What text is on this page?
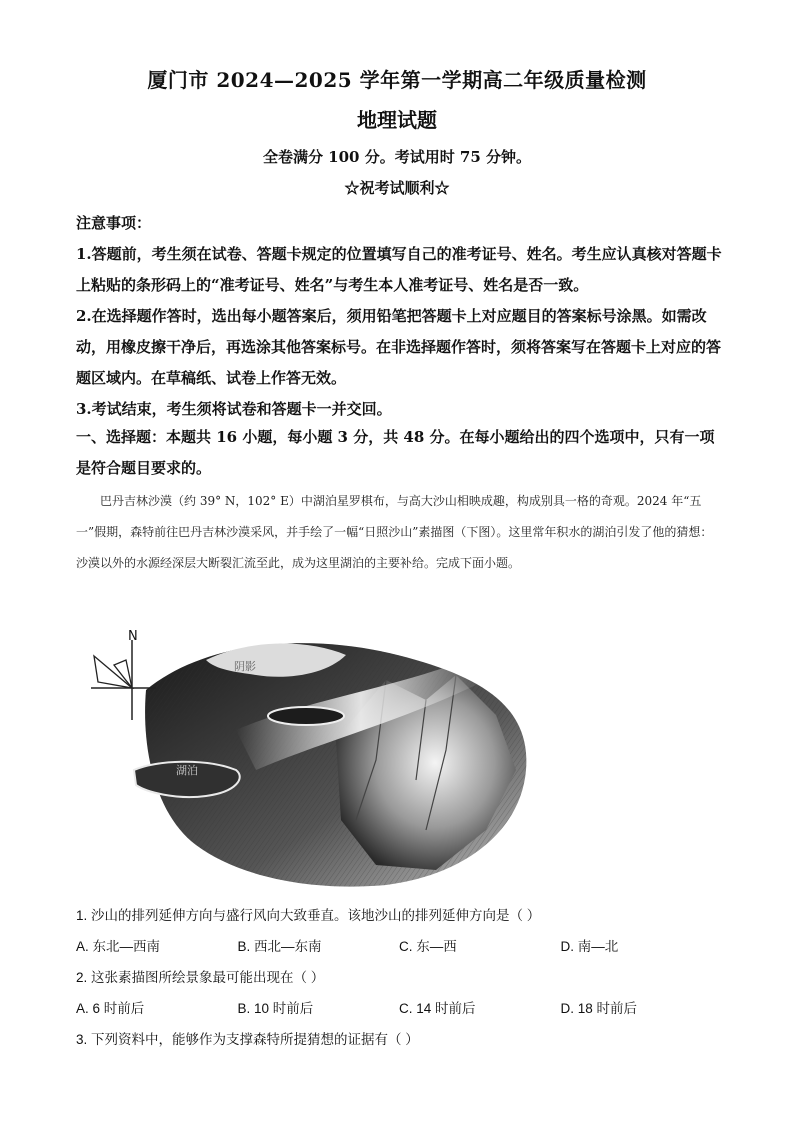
厦门市 2024—2025 学年第一学期高二年级质量检测
地理试题
全卷满分 100 分。考试用时 75 分钟。
☆祝考试顺利☆

注意事项：

1.答题前，考生须在试卷、答题卡规定的位置填写自己的准考证号、姓名。考生应认真核对答题卡上粘贴的条形码上的“准考证号、姓名”与考生本人准考证号、姓名是否一致。

2.在选择题作答时，选出每小题答案后，须用铅笔把答题卡上对应题目的答案标号涂黑。如需改动，用橡皮擦干净后，再选涂其他答案标号。在非选择题作答时，须将答案写在答题卡上对应的答题区域内。在草稿纸、试卷上作答无效。

3.考试结束，考生须将试卷和答题卡一并交回。

一、选择题：本题共 16 小题，每小题 3 分，共 48 分。在每小题给出的四个选项中，只有一项是符合题目要求的。

巴丹吉林沙漠（约 39° N，102° E）中湖泊星罗棋布，与高大沙山相映成趣，构成别具一格的奇观。2024 年“五一”假期，森特前往巴丹吉林沙漠采风，并手绘了一幅“日照沙山”素描图（下图）。这里常年积水的湖泊引发了他的猜想：沙漠以外的水源经深层大断裂汇流至此，成为这里湖泊的主要补给。完成下面小题。

N
阴影
湖泊
1. 沙山的排列延伸方向与盛行风向大致垂直。该地沙山的排列延伸方向是（ ）
A. 东北—西南	B. 西北—东南	C. 东—西	D. 南—北
2. 这张素描图所绘景象最可能出现在（ ）
A. 6 时前后	B. 10 时前后	C. 14 时前后	D. 18 时前后
3. 下列资料中，能够作为支撑森特所提猜想的证据有（ ）
